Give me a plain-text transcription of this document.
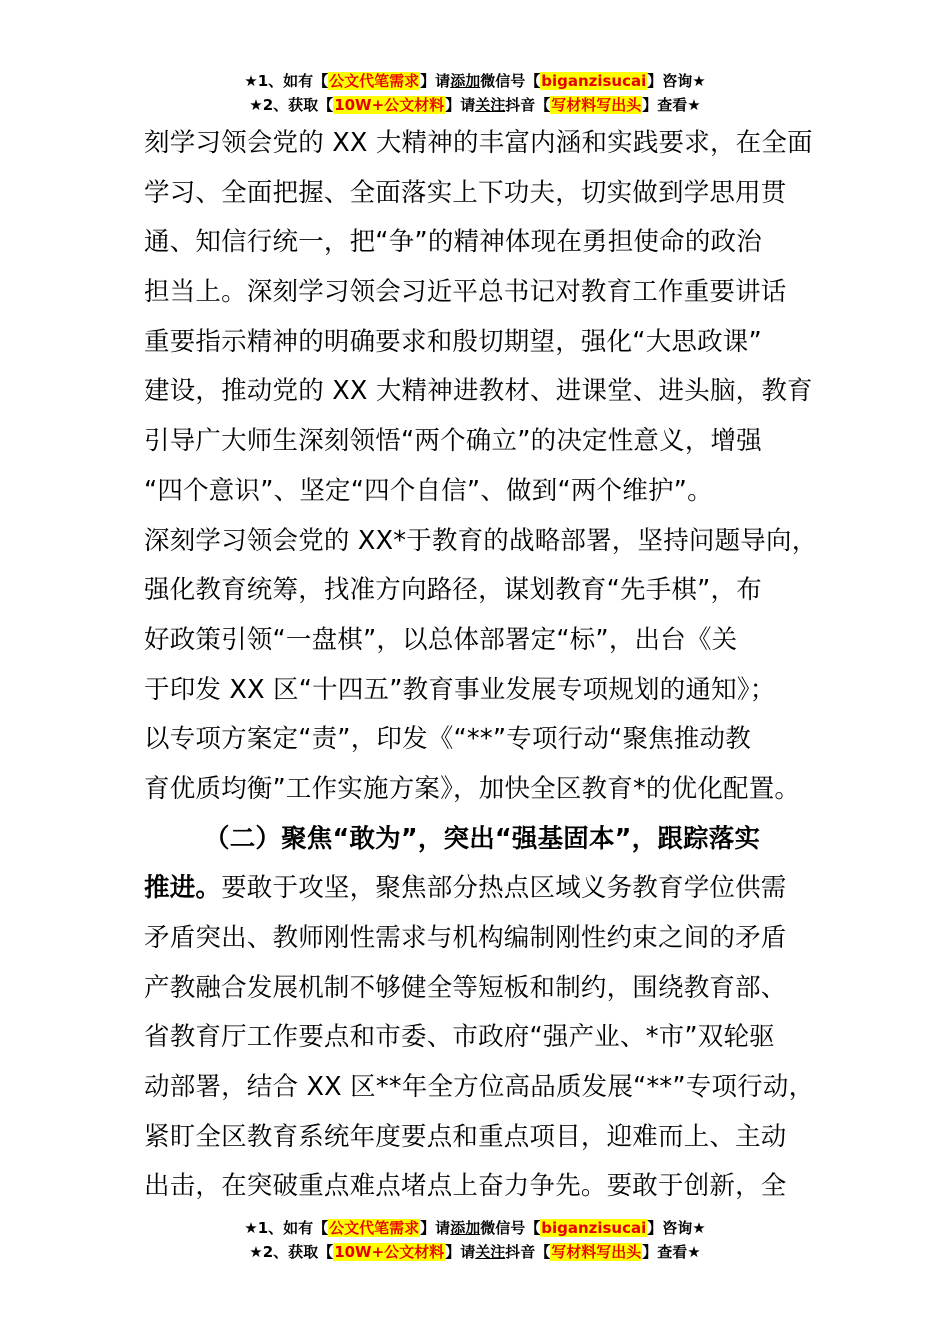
★1、如有【公文代笔需求】请添加微信号【biganzisucai】咨询★
★2、获取【10W+公文材料】请关注抖音【写材料写出头】查看★
刻学习领会党的 XX 大精神的丰富内涵和实践要求，在全面
学习、全面把握、全面落实上下功夫，切实做到学思用贯
通、知信行统一，把“争”的精神体现在勇担使命的政治
担当上。深刻学习领会习近平总书记对教育工作重要讲话
重要指示精神的明确要求和殷切期望，强化“大思政课”
建设，推动党的 XX 大精神进教材、进课堂、进头脑，教育
引导广大师生深刻领悟“两个确立”的决定性意义，增强
“四个意识”、坚定“四个自信”、做到“两个维护”。
深刻学习领会党的 XX*于教育的战略部署，坚持问题导向，
强化教育统筹，找准方向路径，谋划教育“先手棋”，布
好政策引领“一盘棋”，以总体部署定“标”，出台《关
于印发 XX 区“十四五”教育事业发展专项规划的通知》；
以专项方案定“责”，印发《“**”专项行动“聚焦推动教
育优质均衡”工作实施方案》，加快全区教育*的优化配置。
（二）聚焦“敢为”，突出“强基固本”，跟踪落实
推进。要敢于攻坚，聚焦部分热点区域义务教育学位供需
矛盾突出、教师刚性需求与机构编制刚性约束之间的矛盾
产教融合发展机制不够健全等短板和制约，围绕教育部、
省教育厅工作要点和市委、市政府“强产业、*市”双轮驱
动部署，结合 XX 区**年全方位高品质发展“**”专项行动，
紧盯全区教育系统年度要点和重点项目，迎难而上、主动
出击，在突破重点难点堵点上奋力争先。要敢于创新，全
★1、如有【公文代笔需求】请添加微信号【biganzisucai】咨询★
★2、获取【10W+公文材料】请关注抖音【写材料写出头】查看★
